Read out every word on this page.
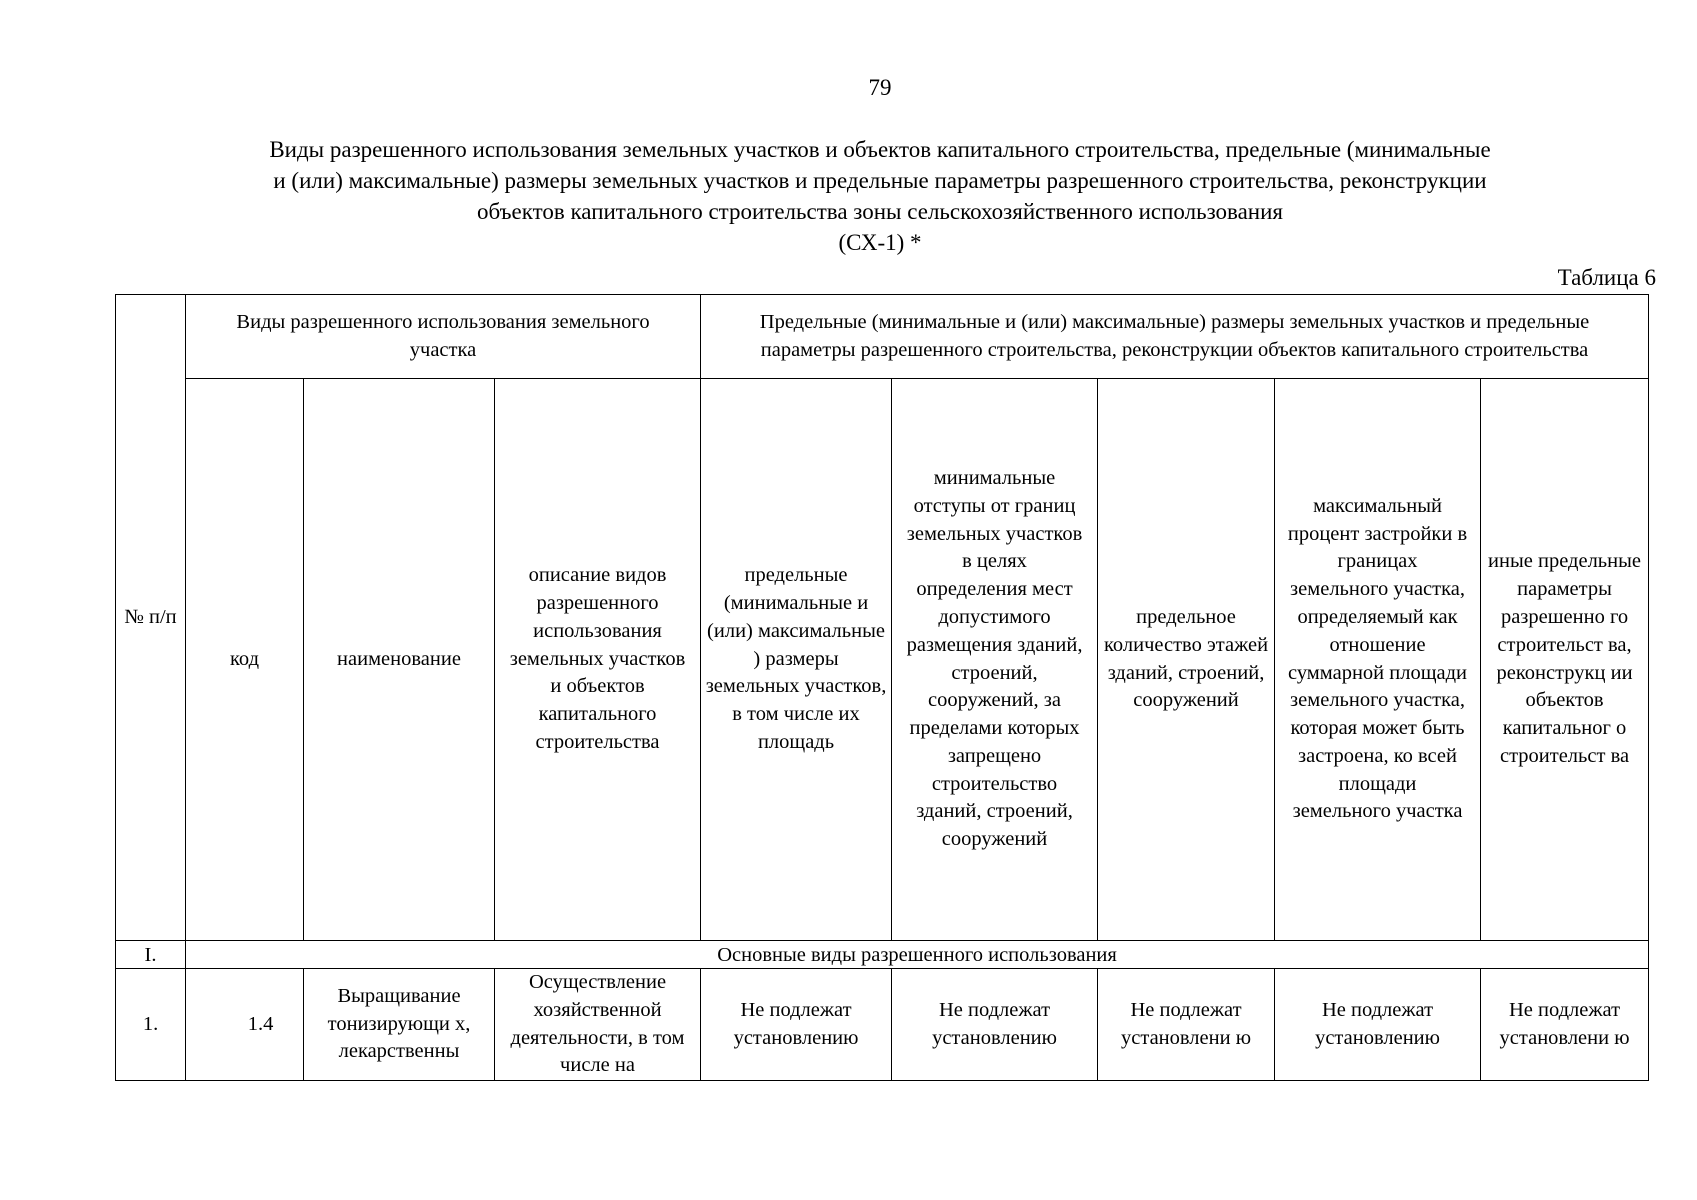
79
Виды разрешенного использования земельных участков и объектов капитального строительства, предельные (минимальные
и (или) максимальные) размеры земельных участков и предельные параметры разрешенного строительства, реконструкции
объектов капитального строительства зоны сельскохозяйственного использования
(СХ-1) *
Таблица 6
№ п/п	Виды разрешенного использования земельного участка			Предельные (минимальные и (или) максимальные) размеры земельных участков и предельные параметры разрешенного строительства, реконструкции объектов капитального строительства				
	код	наименование	описание видов разрешенного использования земельных участков и объектов капитального строительства	предельные (минимальные и (или) максимальные ) размеры земельных участков, в том числе их площадь	минимальные отступы от границ земельных участков в целях определения мест допустимого размещения зданий, строений, сооружений, за пределами которых запрещено строительство зданий, строений, сооружений	предельное количество этажей зданий, строений, сооружений	максимальный процент застройки в границах земельного участка, определяемый как отношение суммарной площади земельного участка, которая может быть застроена, ко всей площади земельного участка	иные предельные параметры разрешенно го строительст ва, реконструкц ии объектов капитальног о строительст ва
I.	Основные виды разрешенного использования							
1.	1.4	Выращивание тонизирующи х, лекарственны	Осуществление хозяйственной деятельности, в том числе на	Не подлежат установлению	Не подлежат установлению	Не подлежат установлени ю	Не подлежат установлению	Не подлежат установлени ю
